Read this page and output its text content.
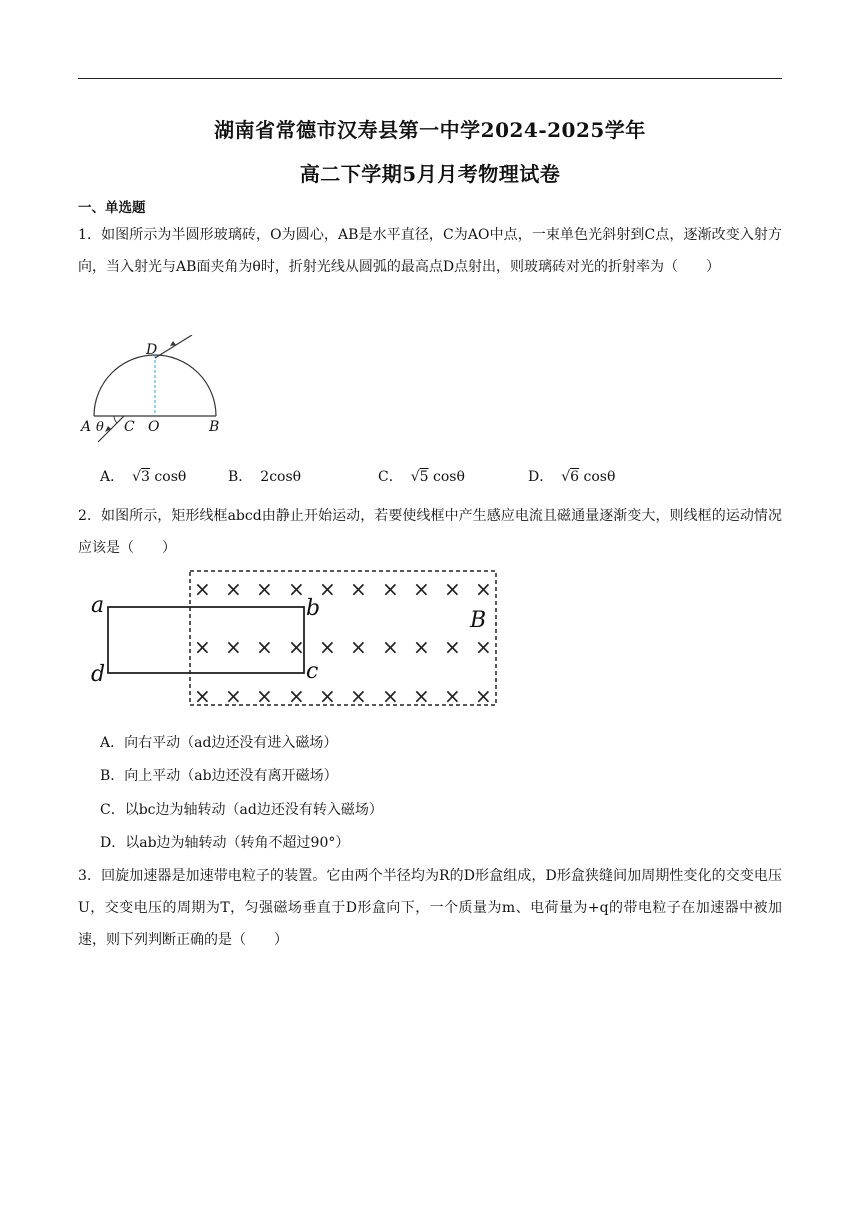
湖南省常德市汉寿县第一中学2024-2025学年
高二下学期5月月考物理试卷
一、单选题
1．如图所示为半圆形玻璃砖，O为圆心，AB是水平直径，C为AO中点，一束单色光斜射到C点，逐渐改变入射方向，当入射光与AB面夹角为θ时，折射光线从圆弧的最高点D点射出，则玻璃砖对光的折射率为（　　）
D
A θ C O	B
A． √3 cosθ	B． 2cosθ	C． √5 cosθ	D． √6 cosθ
2．如图所示，矩形线框abcd由静止开始运动，若要使线框中产生感应电流且磁通量逐渐变大，则线框的运动情况应该是（　　）
× × × × × × × × × ×
× × × × × × × × × ×
× × × × × × × × × ×
a	b
c
d
B
A．向右平动（ad边还没有进入磁场）
B．向上平动（ab边还没有离开磁场）
C．以bc边为轴转动（ad边还没有转入磁场）
D．以ab边为轴转动（转角不超过90°）
3．回旋加速器是加速带电粒子的装置。它由两个半径均为R的D形盒组成，D形盒狭缝间加周期性变化的交变电压U，交变电压的周期为T，匀强磁场垂直于D形盒向下，一个质量为m、电荷量为+q的带电粒子在加速器中被加速，则下列判断正确的是（　　）
